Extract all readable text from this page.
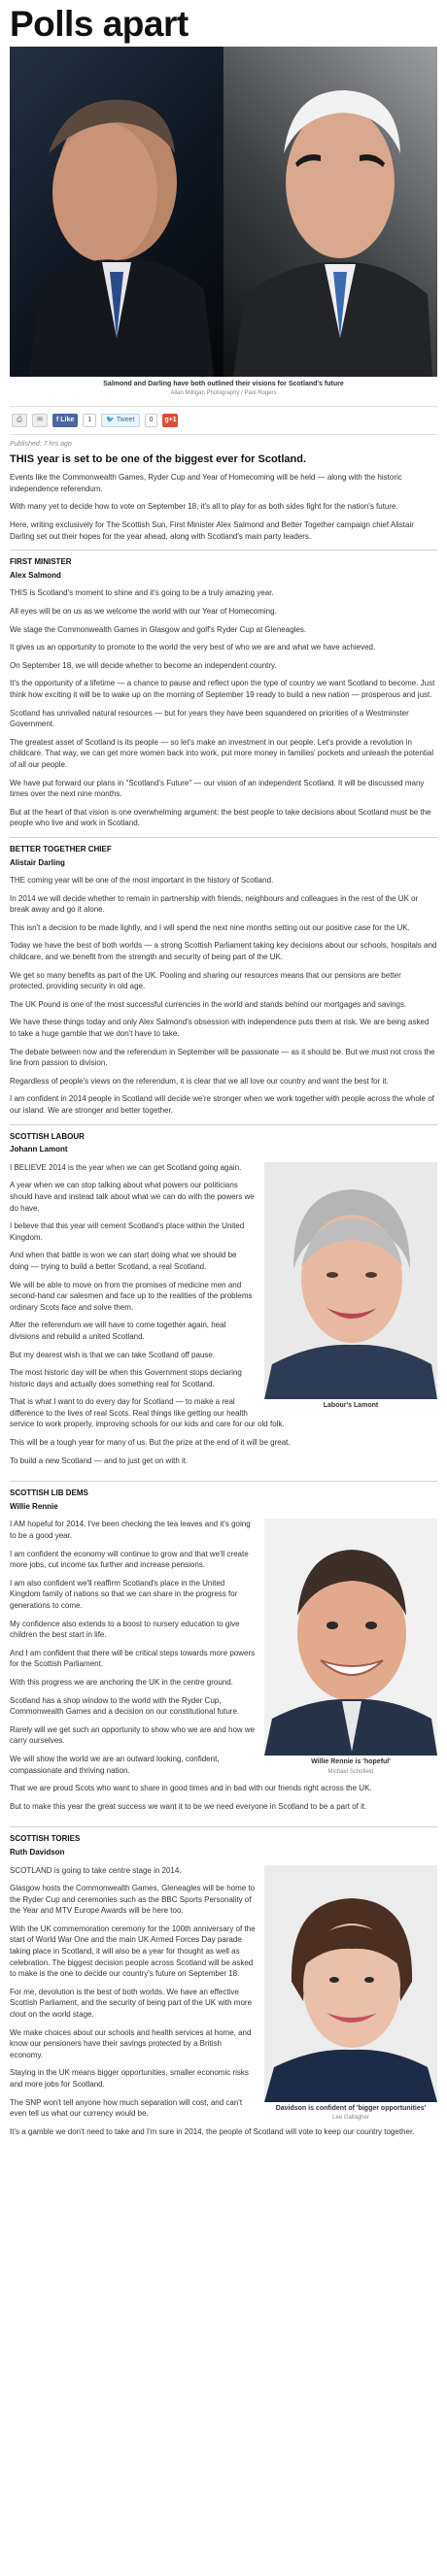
Polls apart
Salmond and Darling have both outlined their visions for Scotland's future
Allan Milligan Photography / Paul Rogers
⎙	✉	f Like	1	🐦
Tweet	0	g+1
Published: 7 hrs ago
THIS year is set to be one of the biggest ever for Scotland.

Events like the Commonwealth Games, Ryder Cup and Year of Homecoming will be held — along with the historic independence referendum.

With many yet to decide how to vote on September 18, it's all to play for as both sides fight for the nation's future.

Here, writing exclusively for The Scottish Sun, First Minister Alex Salmond and Better Together campaign chief Alistair Darling set out their hopes for the year ahead, along with Scotland's main party leaders.

FIRST MINISTER
Alex Salmond

THIS is Scotland's moment to shine and it's going to be a truly amazing year.

All eyes will be on us as we welcome the world with our Year of Homecoming.

We stage the Commonwealth Games in Glasgow and golf's Ryder Cup at Gleneagles.

It gives us an opportunity to promote to the world the very best of who we are and what we have achieved.

On September 18, we will decide whether to become an independent country.

It's the opportunity of a lifetime — a chance to pause and reflect upon the type of country we want Scotland to become. Just think how exciting it will be to wake up on the morning of September 19 ready to build a new nation — prosperous and just.

Scotland has unrivalled natural resources — but for years they have been squandered on priorities of a Westminster Government.

The greatest asset of Scotland is its people — so let's make an investment in our people. Let's provide a revolution in childcare. That way, we can get more women back into work, put more money in families' pockets and unleash the potential of all our people.

We have put forward our plans in "Scotland's Future" — our vision of an independent Scotland. It will be discussed many times over the next nine months.

But at the heart of that vision is one overwhelming argument: the best people to take decisions about Scotland must be the people who live and work in Scotland.

BETTER TOGETHER CHIEF
Alistair Darling

THE coming year will be one of the most important in the history of Scotland.

In 2014 we will decide whether to remain in partnership with friends, neighbours and colleagues in the rest of the UK or break away and go it alone.

This isn't a decision to be made lightly, and I will spend the next nine months setting out our positive case for the UK.

Today we have the best of both worlds — a strong Scottish Parliament taking key decisions about our schools, hospitals and childcare, and we benefit from the strength and security of being part of the UK.

We get so many benefits as part of the UK. Pooling and sharing our resources means that our pensions are better protected, providing security in old age.

The UK Pound is one of the most successful currencies in the world and stands behind our mortgages and savings.

We have these things today and only Alex Salmond's obsession with independence puts them at risk. We are being asked to take a huge gamble that we don't have to take.

The debate between now and the referendum in September will be passionate — as it should be. But we must not cross the line from passion to division.

Regardless of people's views on the referendum, it is clear that we all love our country and want the best for it.

I am confident in 2014 people in Scotland will decide we're stronger when we work together with people across the whole of our island. We are stronger and better together.

SCOTTISH LABOUR
Johann Lamont
Labour's Lamont

I BELIEVE 2014 is the year when we can get Scotland going again.

A year when we can stop talking about what powers our politicians should have and instead talk about what we can do with the powers we do have.

I believe that this year will cement Scotland's place within the United Kingdom.

And when that battle is won we can start doing what we should be doing — trying to build a better Scotland, a real Scotland.

We will be able to move on from the promises of medicine men and second-hand car salesmen and face up to the realities of the problems ordinary Scots face and solve them.

After the referendum we will have to come together again, heal divisions and rebuild a united Scotland.

But my dearest wish is that we can take Scotland off pause.

The most historic day will be when this Government stops declaring historic days and actually does something real for Scotland.

That is what I want to do every day for Scotland — to make a real difference to the lives of real Scots. Real things like getting our health service to work properly, improving schools for our kids and care for our old folk.

This will be a tough year for many of us. But the prize at the end of it will be great.

To build a new Scotland — and to just get on with it.

SCOTTISH LIB DEMS
Willie Rennie
Willie Rennie is 'hopeful'
Michael Schofield

I AM hopeful for 2014. I've been checking the tea leaves and it's going to be a good year.

I am confident the economy will continue to grow and that we'll create more jobs, cut income tax further and increase pensions.

I am also confident we'll reaffirm Scotland's place in the United Kingdom family of nations so that we can share in the progress for generations to come.

My confidence also extends to a boost to nursery education to give children the best start in life.

And I am confident that there will be critical steps towards more powers for the Scottish Parliament.

With this progress we are anchoring the UK in the centre ground.

Scotland has a shop window to the world with the Ryder Cup, Commonwealth Games and a decision on our constitutional future.

Rarely will we get such an opportunity to show who we are and how we carry ourselves.

We will show the world we are an outward looking, confident, compassionate and thriving nation.

That we are proud Scots who want to share in good times and in bad with our friends right across the UK.

But to make this year the great success we want it to be we need everyone in Scotland to be a part of it.

SCOTTISH TORIES
Ruth Davidson
Davidson is confident of 'bigger opportunities'
Lee Gallagher

SCOTLAND is going to take centre stage in 2014.

Glasgow hosts the Commonwealth Games, Gleneagles will be home to the Ryder Cup and ceremonies such as the BBC Sports Personality of the Year and MTV Europe Awards will be here too.

With the UK commemoration ceremony for the 100th anniversary of the start of World War One and the main UK Armed Forces Day parade taking place in Scotland, it will also be a year for thought as well as celebration. The biggest decision people across Scotland will be asked to make is the one to decide our country's future on September 18.

For me, devolution is the best of both worlds. We have an effective Scottish Parliament, and the security of being part of the UK with more clout on the world stage.

We make choices about our schools and health services at home, and know our pensioners have their savings protected by a British economy.

Staying in the UK means bigger opportunities, smaller economic risks and more jobs for Scotland.

The SNP won't tell anyone how much separation will cost, and can't even tell us what our currency would be.

It's a gamble we don't need to take and I'm sure in 2014, the people of Scotland will vote to keep our country together.
